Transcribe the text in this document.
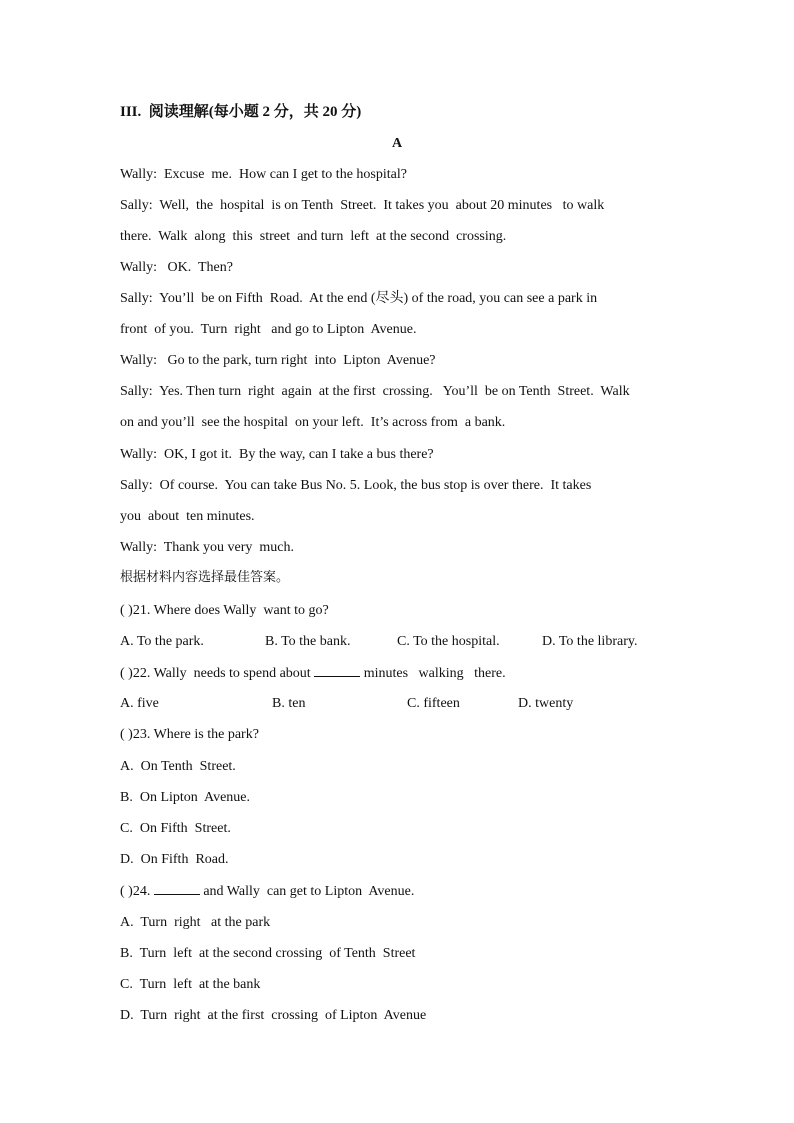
III.  阅读理解(每小题 2 分，共 20 分)
A
Wally:  Excuse  me.  How can I get to the hospital?
Sally:  Well,  the  hospital  is on Tenth  Street.  It takes you  about 20 minutes   to walk
there.  Walk  along  this  street  and turn  left  at the second  crossing.
Wally:   OK.  Then?
Sally:  You’ll  be on Fifth  Road.  At the end (尽头) of the road, you can see a park in
front  of you.  Turn  right   and go to Lipton  Avenue.
Wally:   Go to the park, turn right  into  Lipton  Avenue?
Sally:  Yes. Then turn  right  again  at the first  crossing.   You’ll  be on Tenth  Street.  Walk
on and you’ll  see the hospital  on your left.  It’s across from  a bank.
Wally:  OK, I got it.  By the way, can I take a bus there?
Sally:  Of course.  You can take Bus No. 5. Look, the bus stop is over there.  It takes
you  about  ten minutes.
Wally:  Thank you very  much.
根据材料内容选择最佳答案。
( )21. Where does Wally  want to go?
A. To the park.	B. To the bank.	C. To the hospital.	D. To the library.
( )22. Wally  needs to spend about	minutes   walking   there.
A. five	B. ten	C. fifteen	D. twenty
( )23. Where is the park?
A.  On Tenth  Street.
B.  On Lipton  Avenue.
C.  On Fifth  Street.
D.  On Fifth  Road.
( )24.	and Wally  can get to Lipton  Avenue.
A.  Turn  right   at the park
B.  Turn  left  at the second crossing  of Tenth  Street
C.  Turn  left  at the bank
D.  Turn  right  at the first  crossing  of Lipton  Avenue
